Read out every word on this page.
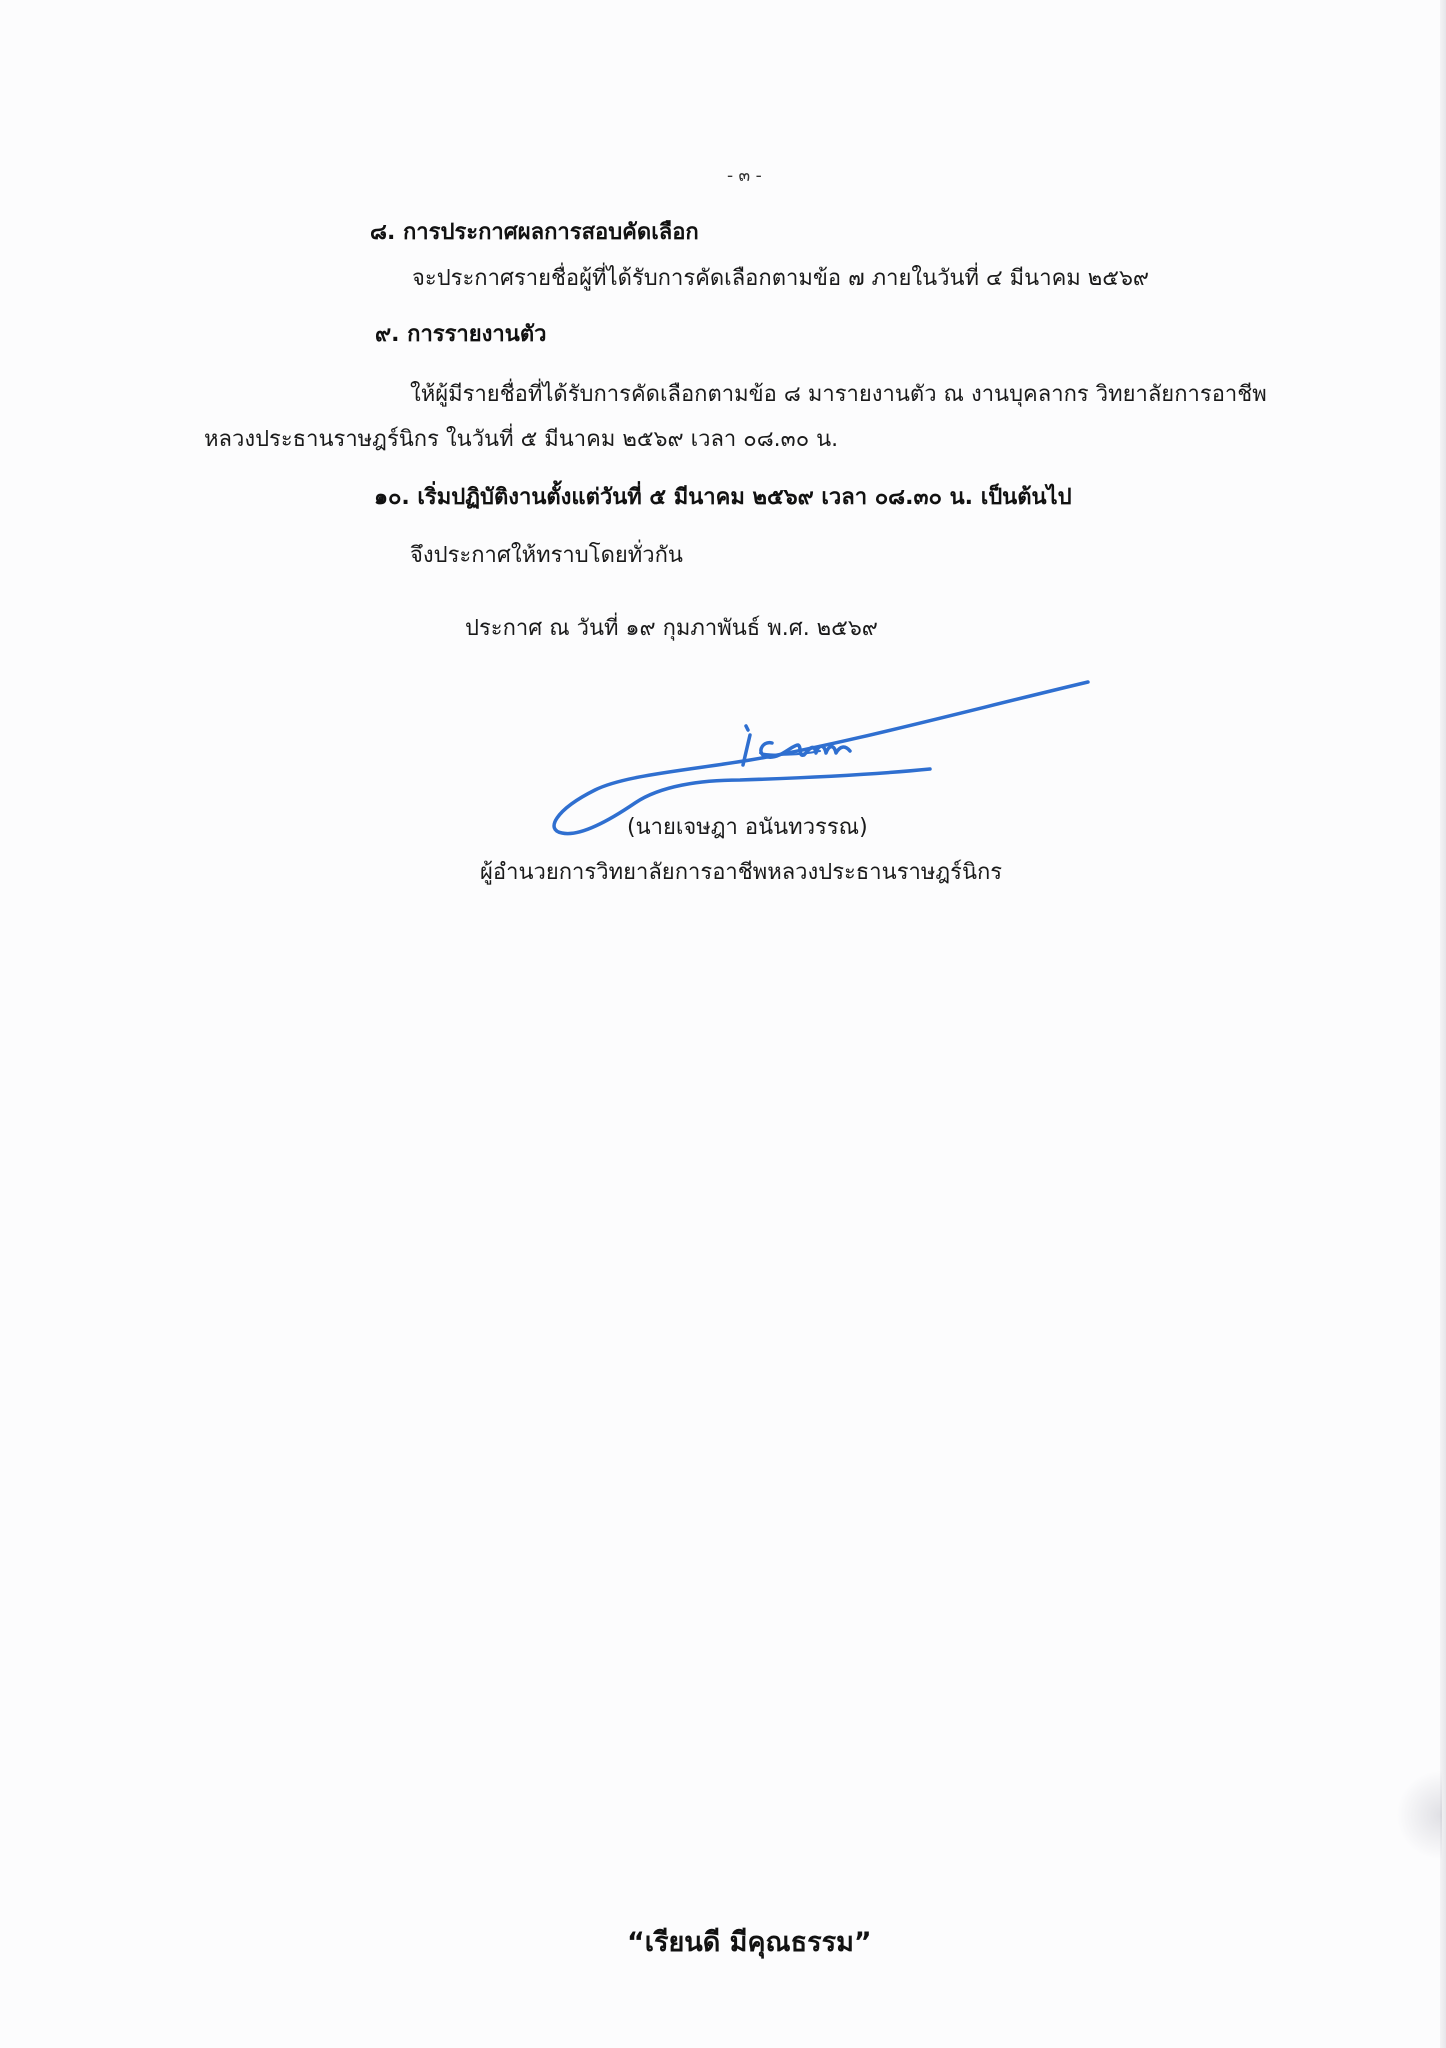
- ๓ -
๘. การประกาศผลการสอบคัดเลือก
จะประกาศรายชื่อผู้ที่ได้รับการคัดเลือกตามข้อ ๗ ภายในวันที่ ๔ มีนาคม ๒๕๖๙
๙. การรายงานตัว
ให้ผู้มีรายชื่อที่ได้รับการคัดเลือกตามข้อ ๘ มารายงานตัว ณ งานบุคลากร วิทยาลัยการอาชีพ
หลวงประธานราษฎร์นิกร ในวันที่ ๕ มีนาคม ๒๕๖๙ เวลา ๐๘.๓๐ น.
๑๐. เริ่มปฏิบัติงานตั้งแต่วันที่ ๕ มีนาคม ๒๕๖๙ เวลา ๐๘.๓๐ น. เป็นต้นไป
จึงประกาศให้ทราบโดยทั่วกัน
ประกาศ ณ วันที่ ๑๙ กุมภาพันธ์ พ.ศ. ๒๕๖๙
(นายเจษฎา อนันทวรรณ)
ผู้อำนวยการวิทยาลัยการอาชีพหลวงประธานราษฎร์นิกร
“เรียนดี มีคุณธรรม”
